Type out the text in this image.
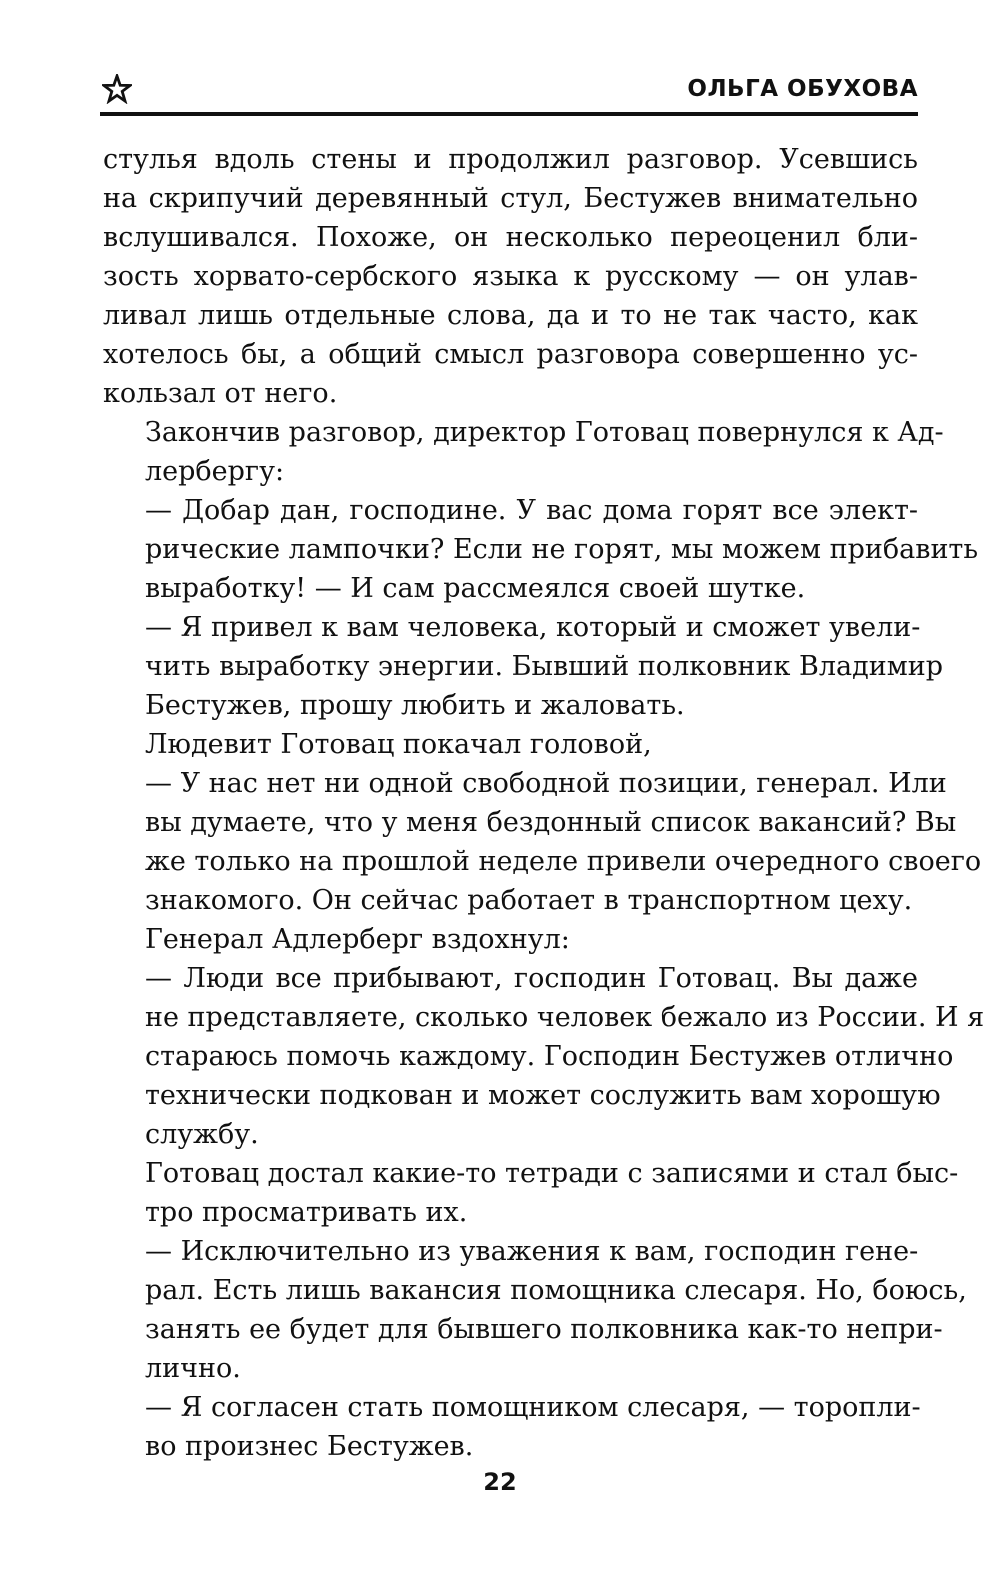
ОЛЬГА ОБУХОВА
стулья вдоль стены и продолжил разговор. Усевшись
на скрипучий деревянный стул, Бестужев внимательно
вслушивался. Похоже, он несколько переоценил бли-
зость хорвато-сербского языка к русскому — он улав-
ливал лишь отдельные слова, да и то не так часто, как
хотелось бы, а общий смысл разговора совершенно ус-
кользал от него.
Закончив разговор, директор Готовац повернулся к Ад-
лербергу:
— Добар дан, господине. У вас дома горят все элект-
рические лампочки? Если не горят, мы можем прибавить
выработку! — И сам рассмеялся своей шутке.
— Я привел к вам человека, который и сможет увели-
чить выработку энергии. Бывший полковник Владимир
Бестужев, прошу любить и жаловать.
Людевит Готовац покачал головой,
— У нас нет ни одной свободной позиции, генерал. Или
вы думаете, что у меня бездонный список вакансий? Вы
же только на прошлой неделе привели очередного своего
знакомого. Он сейчас работает в транспортном цеху.
Генерал Адлерберг вздохнул:
— Люди все прибывают, господин Готовац. Вы даже
не представляете, сколько человек бежало из России. И я
стараюсь помочь каждому. Господин Бестужев отлично
технически подкован и может сослужить вам хорошую
службу.
Готовац достал какие-то тетради с записями и стал быс-
тро просматривать их.
— Исключительно из уважения к вам, господин гене-
рал. Есть лишь вакансия помощника слесаря. Но, боюсь,
занять ее будет для бывшего полковника как-то непри-
лично.
— Я согласен стать помощником слесаря, — торопли-
во произнес Бестужев.
22
